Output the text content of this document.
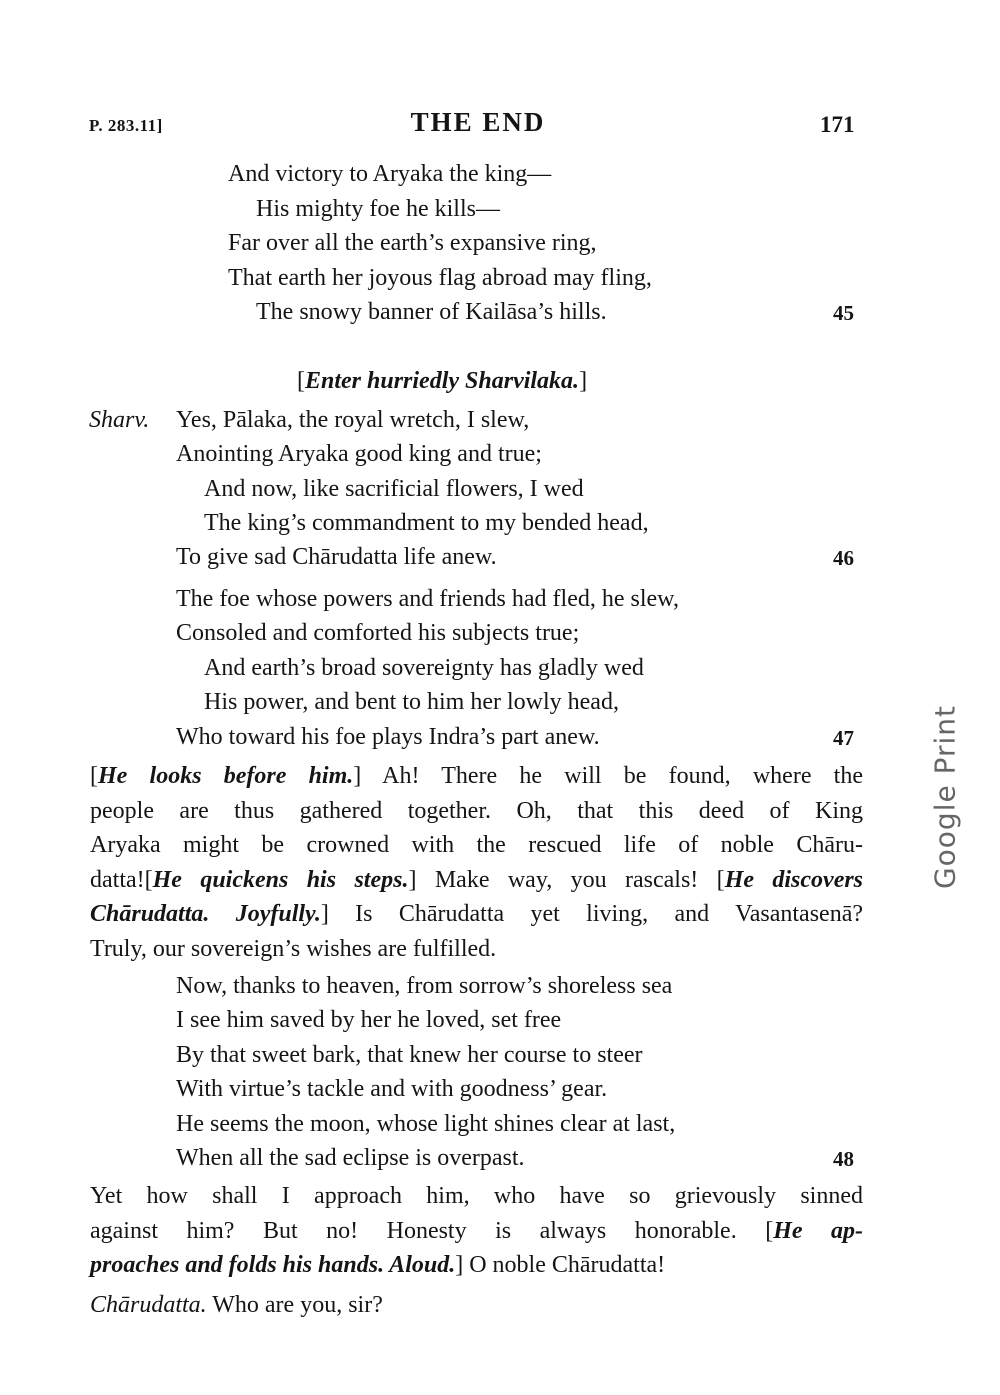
P. 283.11]	THE END	171
And victory to Aryaka the king—
His mighty foe he kills—
Far over all the earth’s expansive ring,
That earth her joyous flag abroad may fling,
The snowy banner of Kailāsa’s hills.	45
[Enter hurriedly Sharvilaka.]
Sharv. Yes, Pālaka, the royal wretch, I slew,
Anointing Aryaka good king and true;
And now, like sacrificial flowers, I wed
The king’s commandment to my bended head,
To give sad Chārudatta life anew.	46
The foe whose powers and friends had fled, he slew,
Consoled and comforted his subjects true;
And earth’s broad sovereignty has gladly wed
His power, and bent to him her lowly head,
Who toward his foe plays Indra’s part anew.	47
[He looks before him.] Ah! There he will be found, where the
people are thus gathered together. Oh, that this deed of King
Aryaka might be crowned with the rescued life of noble Chāru-
datta![He quickens his steps.] Make way, you rascals! [He discovers
Chārudatta. Joyfully.] Is Chārudatta yet living, and Vasantasenā?
Truly, our sovereign’s wishes are fulfilled.
Now, thanks to heaven, from sorrow’s shoreless sea
I see him saved by her he loved, set free
By that sweet bark, that knew her course to steer
With virtue’s tackle and with goodness’ gear.
He seems the moon, whose light shines clear at last,
When all the sad eclipse is overpast.	48
Yet how shall I approach him, who have so grievously sinned
against him? But no! Honesty is always honorable. [He ap-
proaches and folds his hands. Aloud.] O noble Chārudatta!
Chārudatta. Who are you, sir?
Google Print
